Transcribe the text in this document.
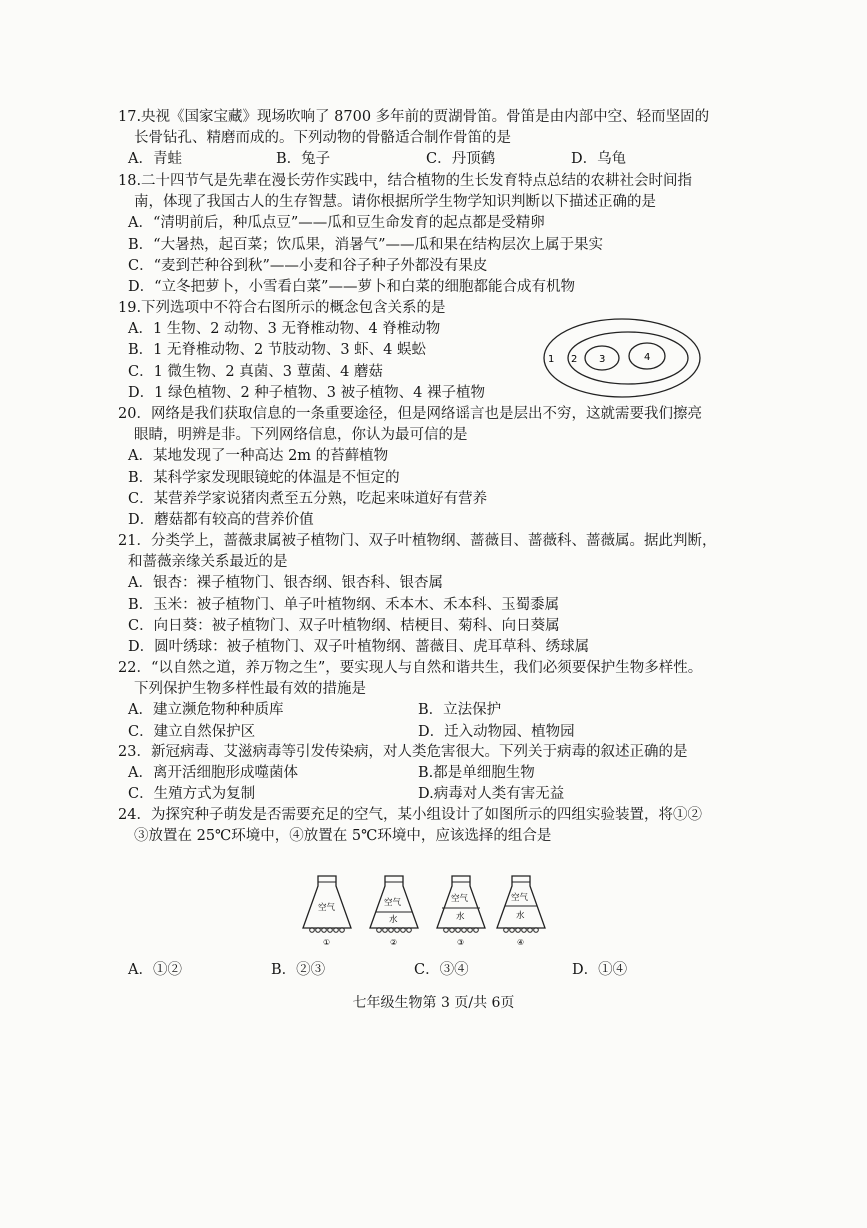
17.央视《国家宝藏》现场吹响了 8700 多年前的贾湖骨笛。骨笛是由内部中空、轻而坚固的
长骨钻孔、精磨而成的。下列动物的骨骼适合制作骨笛的是
A．青蛙	B．兔子	C．丹顶鹤	D．乌龟
18.二十四节气是先辈在漫长劳作实践中，结合植物的生长发育特点总结的农耕社会时间指
南，体现了我国古人的生存智慧。请你根据所学生物学知识判断以下描述正确的是
A．“清明前后，种瓜点豆”——瓜和豆生命发育的起点都是受精卵
B．“大暑热，起百菜；饮瓜果，消暑气”——瓜和果在结构层次上属于果实
C．“麦到芒种谷到秋”——小麦和谷子种子外都没有果皮
D．“立冬把萝卜，小雪看白菜”——萝卜和白菜的细胞都能合成有机物
19.下列选项中不符合右图所示的概念包含关系的是
A．1 生物、2 动物、3 无脊椎动物、4 脊椎动物
B．1 无脊椎动物、2 节肢动物、3 虾、4 蜈蚣
C．1 微生物、2 真菌、3 蕈菌、4 蘑菇
D．1 绿色植物、2 种子植物、3 被子植物、4 裸子植物
1 2 3	4
20．网络是我们获取信息的一条重要途径，但是网络谣言也是层出不穷，这就需要我们擦亮
眼睛，明辨是非。下列网络信息，你认为最可信的是
A．某地发现了一种高达 2m 的苔藓植物
B．某科学家发现眼镜蛇的体温是不恒定的
C．某营养学家说猪肉煮至五分熟，吃起来味道好有营养
D．蘑菇都有较高的营养价值
21．分类学上，蔷薇隶属被子植物门、双子叶植物纲、蔷薇目、蔷薇科、蔷薇属。据此判断，
和蔷薇亲缘关系最近的是
A．银杏：裸子植物门、银杏纲、银杏科、银杏属
B．玉米：被子植物门、单子叶植物纲、禾本木、禾本科、玉蜀黍属
C．向日葵：被子植物门、双子叶植物纲、桔梗目、菊科、向日葵属
D．圆叶绣球：被子植物门、双子叶植物纲、蔷薇目、虎耳草科、绣球属
22．“以自然之道，养万物之生”，要实现人与自然和谐共生，我们必须要保护生物多样性。
下列保护生物多样性最有效的措施是
A．建立濒危物种种质库	B．立法保护
C．建立自然保护区	D．迁入动物园、植物园
23．新冠病毒、艾滋病毒等引发传染病，对人类危害很大。下列关于病毒的叙述正确的是
A．离开活细胞形成噬菌体	B.都是单细胞生物
C．生殖方式为复制	D.病毒对人类有害无益
24．为探究种子萌发是否需要充足的空气，某小组设计了如图所示的四组实验装置，将①②
③放置在 25℃环境中，④放置在 5℃环境中，应该选择的组合是
空气
①
空气
水
②
空气
水
③
空气
水
④
A．①②	B．②③	C．③④	D．①④
七年级生物第 3 页/共 6页
